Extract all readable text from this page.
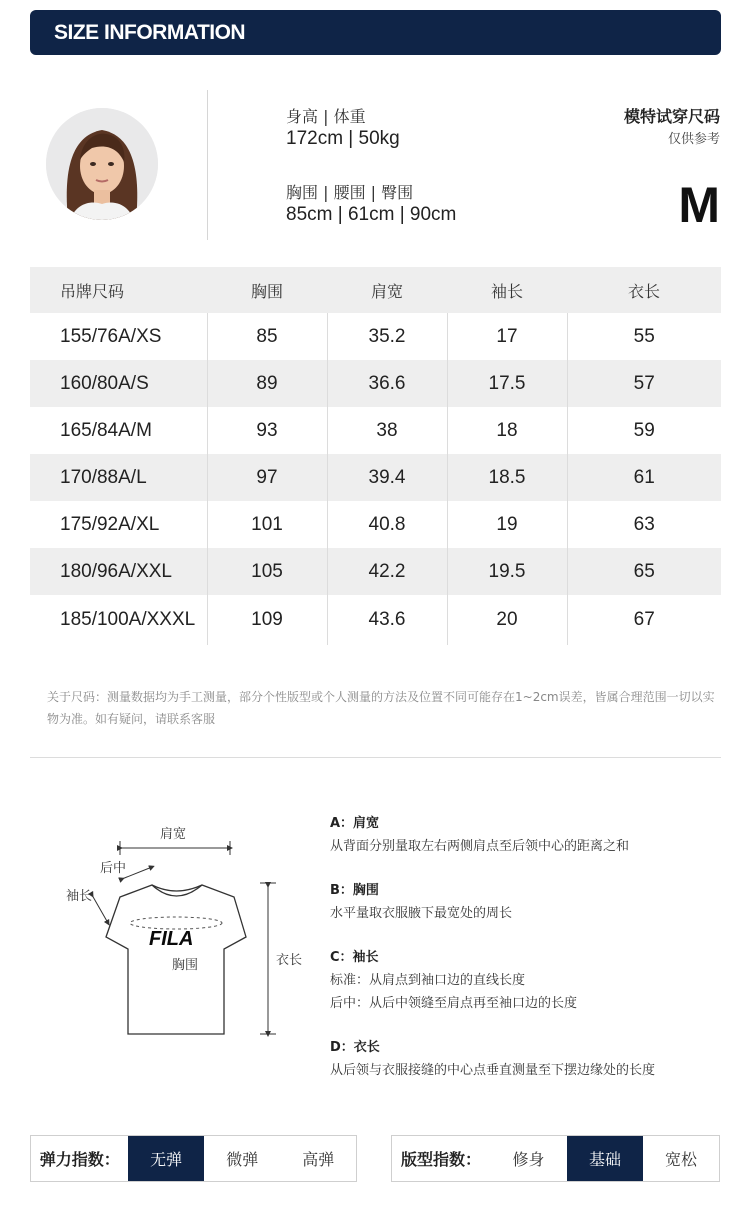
SIZE INFORMATION
身高 | 体重
172cm | 50kg
胸围 | 腰围 | 臀围
85cm | 61cm | 90cm
模特试穿尺码
仅供参考
M
吊牌尺码	胸围	肩宽	袖长	衣长
155/76A/XS	85	35.2	17	55
160/80A/S	89	36.6	17.5	57
165/84A/M	93	38	18	59
170/88A/L	97	39.4	18.5	61
175/92A/XL	101	40.8	19	63
180/96A/XXL	105	42.2	19.5	65
185/100A/XXXL	109	43.6	20	67
关于尺码：测量数据均为手工测量，部分个性版型或个人测量的方法及位置不同可能存在1~2cm误差，皆属合理范围一切以实物为准。如有疑问，请联系客服
肩宽
后中
袖长
FILA
胸围	衣长
A：肩宽
从背面分别量取左右两侧肩点至后领中心的距离之和
B：胸围
水平量取衣服腋下最宽处的周长
C：袖长
标准：从肩点到袖口边的直线长度
后中：从后中领缝至肩点再至袖口边的长度
D：衣长
从后领与衣服接缝的中心点垂直测量至下摆边缘处的长度
弹力指数：	无弹	微弹	高弹	版型指数：	修身	基础	宽松
